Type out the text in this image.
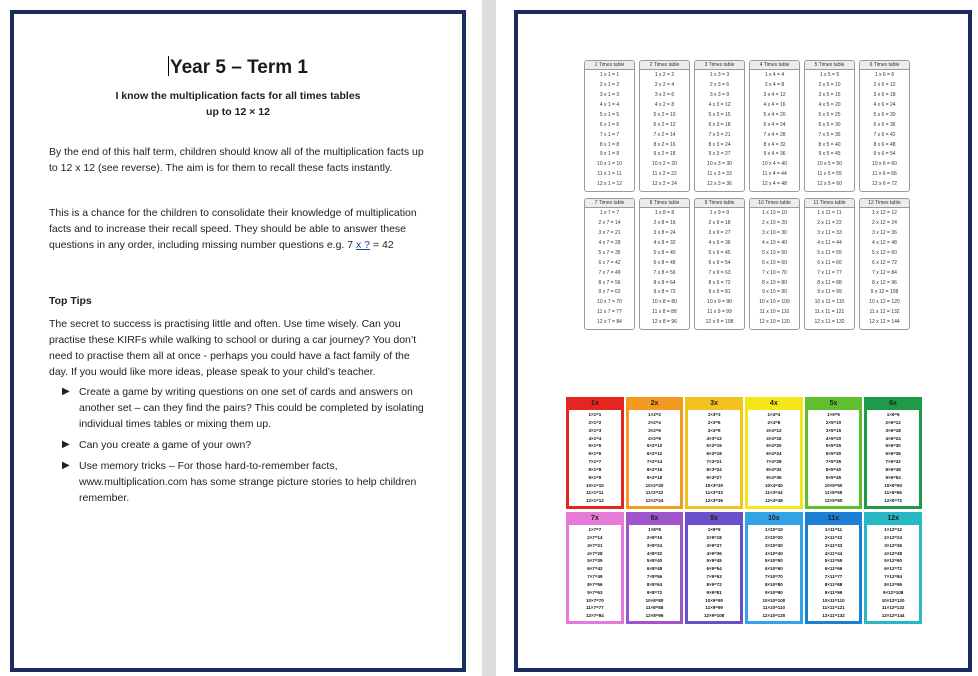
Year 5 – Term 1
I know the multiplication facts for all times tables
up to 12 × 12

By the end of this half term, children should know all of the multiplication facts up to 12 x 12 (see reverse). The aim is for them to recall these facts instantly.

This is a chance for the children to consolidate their knowledge of multiplication facts and to increase their recall speed. They should be able to answer these questions in any order, including missing number questions e.g. 7 x ? = 42

Top Tips

The secret to success is practising little and often. Use time wisely. Can you practise these KIRFs while walking to school or during a car journey? You don’t need to practise them all at once - perhaps you could have a fact family of the day. If you would like more ideas, please speak to your child’s teacher.

▶ Create a game by writing questions on one set of cards and answers on another set – can they find the pairs? This could be completed by isolating individual times tables or mixing them up.
▶ Can you create a game of your own?
▶ Use memory tricks – For those hard-to-remember facts, www.multiplication.com has some strange picture stories to help children remember.
1 Times table
1 x 1 = 1
2 x 1 = 2
3 x 1 = 3
4 x 1 = 4
5 x 1 = 5
6 x 1 = 6
7 x 1 = 7
8 x 1 = 8
9 x 1 = 9
10 x 1 = 10
11 x 1 = 11
12 x 1 = 12
2 Times table
1 x 2 = 2
2 x 2 = 4
3 x 2 = 6
4 x 2 = 8
5 x 2 = 10
6 x 2 = 12
7 x 2 = 14
8 x 2 = 16
9 x 2 = 18
10 x 2 = 20
11 x 2 = 22
12 x 2 = 24
3 Times table
1 x 3 = 3
2 x 3 = 6
3 x 3 = 9
4 x 3 = 12
5 x 3 = 15
6 x 3 = 18
7 x 3 = 21
8 x 3 = 24
9 x 3 = 27
10 x 3 = 30
11 x 3 = 33
12 x 3 = 36
4 Times table
1 x 4 = 4
2 x 4 = 8
3 x 4 = 12
4 x 4 = 16
5 x 4 = 20
6 x 4 = 24
7 x 4 = 28
8 x 4 = 32
9 x 4 = 36
10 x 4 = 40
11 x 4 = 44
12 x 4 = 48
5 Times table
1 x 5 = 5
2 x 5 = 10
3 x 5 = 15
4 x 5 = 20
5 x 5 = 25
6 x 5 = 30
7 x 5 = 35
8 x 5 = 40
9 x 5 = 45
10 x 5 = 50
11 x 5 = 55
12 x 5 = 60
6 Times table
1 x 6 = 6
2 x 6 = 12
3 x 6 = 18
4 x 6 = 24
5 x 6 = 30
6 x 6 = 36
7 x 6 = 42
8 x 6 = 48
9 x 6 = 54
10 x 6 = 60
11 x 6 = 66
12 x 6 = 72
7 Times table
1 x 7 = 7
2 x 7 = 14
3 x 7 = 21
4 x 7 = 28
5 x 7 = 35
6 x 7 = 42
7 x 7 = 49
8 x 7 = 56
9 x 7 = 63
10 x 7 = 70
11 x 7 = 77
12 x 7 = 84
8 Times table
1 x 8 = 8
2 x 8 = 16
3 x 8 = 24
4 x 8 = 32
5 x 8 = 40
6 x 8 = 48
7 x 8 = 56
8 x 8 = 64
9 x 8 = 72
10 x 8 = 80
11 x 8 = 88
12 x 8 = 96
9 Times table
1 x 9 = 9
2 x 9 = 18
3 x 9 = 27
4 x 9 = 36
5 x 9 = 45
6 x 9 = 54
7 x 9 = 63
8 x 9 = 72
9 x 9 = 81
10 x 9 = 90
11 x 9 = 99
12 x 9 = 108
10 Times table
1 x 10 = 10
2 x 10 = 20
3 x 10 = 30
4 x 10 = 40
5 x 10 = 50
6 x 10 = 60
7 x 10 = 70
8 x 10 = 80
9 x 10 = 90
10 x 10 = 100
11 x 10 = 110
12 x 10 = 120
11 Times table
1 x 11 = 11
2 x 11 = 22
3 x 11 = 33
4 x 11 = 44
5 x 11 = 55
6 x 11 = 66
7 x 11 = 77
8 x 11 = 88
9 x 11 = 99
10 x 11 = 110
11 x 11 = 121
12 x 11 = 132
12 Times table
1 x 12 = 12
2 x 12 = 24
3 x 12 = 36
4 x 12 = 48
5 x 12 = 60
6 x 12 = 72
7 x 12 = 84
8 x 12 = 96
9 x 12 = 108
10 x 12 = 120
11 x 12 = 132
12 x 12 = 144
1x
1×1=1
2×1=2
3×1=3
4×1=4
5×1=5
6×1=6
7×1=7
8×1=8
9×1=9
10×1=10
11×1=11
12×1=12
2x
1×2=2
2×2=4
3×2=6
4×2=8
5×2=10
6×2=12
7×2=14
8×2=16
9×2=18
10×2=20
11×2=22
12×2=24
3x
1×3=3
2×3=6
3×3=9
4×3=12
5×3=15
6×3=18
7×3=21
8×3=24
9×3=27
10×3=30
11×3=33
12×3=36
4x
1×4=4
2×4=8
3×4=12
4×4=16
5×4=20
6×4=24
7×4=28
8×4=32
9×4=36
10×4=40
11×4=44
12×4=48
5x
1×5=5
2×5=10
3×5=15
4×5=20
5×5=25
6×5=30
7×5=35
8×5=40
9×5=45
10×5=50
11×5=55
12×5=60
6x
1×6=6
2×6=12
3×6=18
4×6=24
5×6=30
6×6=36
7×6=42
8×6=48
9×6=54
10×6=60
11×6=66
12×6=72
7x
1×7=7
2×7=14
3×7=21
4×7=28
5×7=35
6×7=42
7×7=49
8×7=56
9×7=63
10×7=70
11×7=77
12×7=84
8x
1×8=8
2×8=16
3×8=24
4×8=32
5×8=40
6×8=48
7×8=56
8×8=64
9×8=72
10×8=80
11×8=88
12×8=96
9x
1×9=9
2×9=18
3×9=27
4×9=36
5×9=45
6×9=54
7×9=63
8×9=72
9×9=81
10×9=90
11×9=99
12×9=108
10x
1×10=10
2×10=20
3×10=30
4×10=40
5×10=50
6×10=60
7×10=70
8×10=80
9×10=90
10×10=100
11×10=110
12×10=120
11x
1×11=11
2×11=22
3×11=33
4×11=44
5×11=55
6×11=66
7×11=77
8×11=88
9×11=99
10×11=110
11×11=121
12×11=132
12x
1×12=12
2×12=24
3×12=36
4×12=48
5×12=60
6×12=72
7×12=84
8×12=96
9×12=108
10×12=120
11×12=132
12×12=144
